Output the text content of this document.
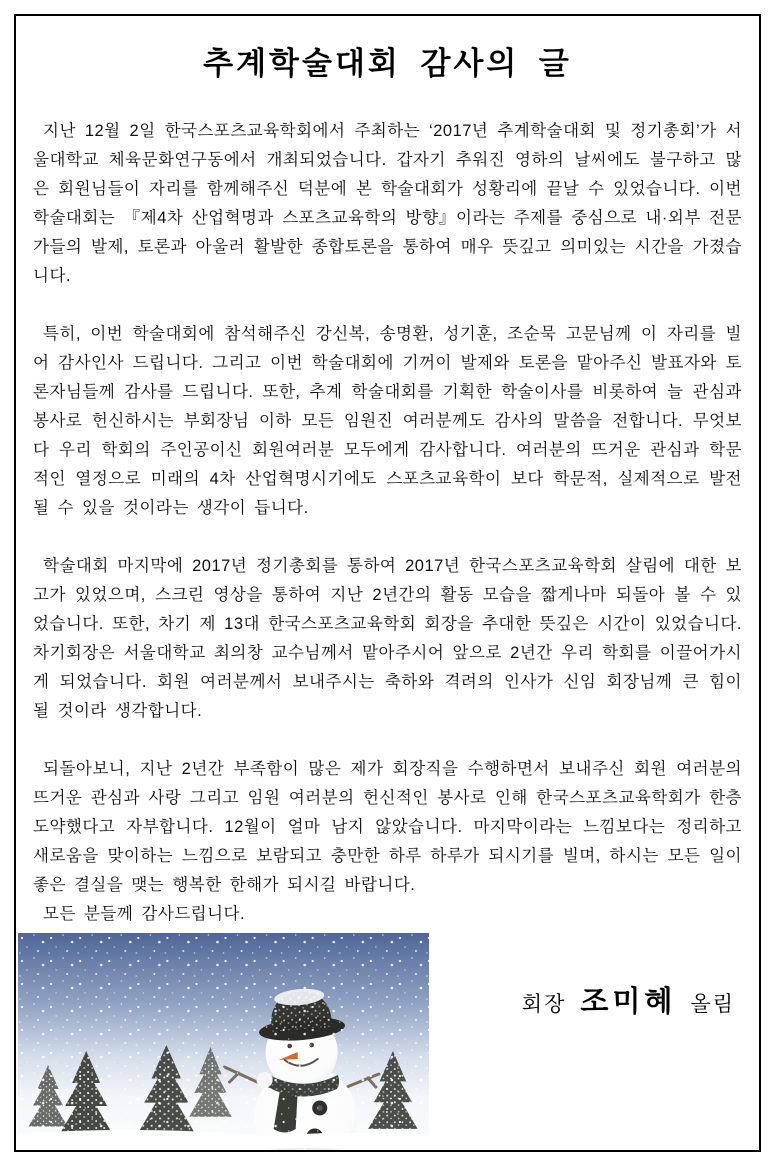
추계학술대회 감사의 글

지난 12월 2일 한국스포츠교육학회에서 주최하는 ‘2017년 추계학술대회 및 정기총회’가 서울대학교 체육문화연구동에서 개최되었습니다. 갑자기 추워진 영하의 날씨에도 불구하고 많은 회원님들이 자리를 함께해주신 덕분에 본 학술대회가 성황리에 끝날 수 있었습니다. 이번 학술대회는 『제4차 산업혁명과 스포츠교육학의 방향』이라는 주제를 중심으로 내·외부 전문가들의 발제, 토론과 아울러 활발한 종합토론을 통하여 매우 뜻깊고 의미있는 시간을 가졌습니다.

특히, 이번 학술대회에 참석해주신 강신복, 송명환, 성기훈, 조순묵 고문님께 이 자리를 빌어 감사인사 드립니다. 그리고 이번 학술대회에 기꺼이 발제와 토론을 맡아주신 발표자와 토론자님들께 감사를 드립니다. 또한, 추계 학술대회를 기획한 학술이사를 비롯하여 늘 관심과 봉사로 헌신하시는 부회장님 이하 모든 임원진 여러분께도 감사의 말씀을 전합니다. 무엇보다 우리 학회의 주인공이신 회원여러분 모두에게 감사합니다. 여러분의 뜨거운 관심과 학문적인 열정으로 미래의 4차 산업혁명시기에도 스포츠교육학이 보다 학문적, 실제적으로 발전될 수 있을 것이라는 생각이 듭니다.

학술대회 마지막에 2017년 정기총회를 통하여 2017년 한국스포츠교육학회 살림에 대한 보고가 있었으며, 스크린 영상을 통하여 지난 2년간의 활동 모습을 짧게나마 되돌아 볼 수 있었습니다. 또한, 차기 제 13대 한국스포츠교육학회 회장을 추대한 뜻깊은 시간이 있었습니다. 차기회장은 서울대학교 최의창 교수님께서 맡아주시어 앞으로 2년간 우리 학회를 이끌어가시게 되었습니다. 회원 여러분께서 보내주시는 축하와 격려의 인사가 신임 회장님께 큰 힘이 될 것이라 생각합니다.

되돌아보니, 지난 2년간 부족함이 많은 제가 회장직을 수행하면서 보내주신 회원 여러분의 뜨거운 관심과 사랑 그리고 임원 여러분의 헌신적인 봉사로 인해 한국스포츠교육학회가 한층 도약했다고 자부합니다. 12월이 얼마 남지 않았습니다. 마지막이라는 느낌보다는 정리하고 새로움을 맞이하는 느낌으로 보람되고 충만한 하루 하루가 되시기를 빌며, 하시는 모든 일이 좋은 결실을 맺는 행복한 한해가 되시길 바랍니다.

모든 분들께 감사드립니다.

회장 조미혜 올림
